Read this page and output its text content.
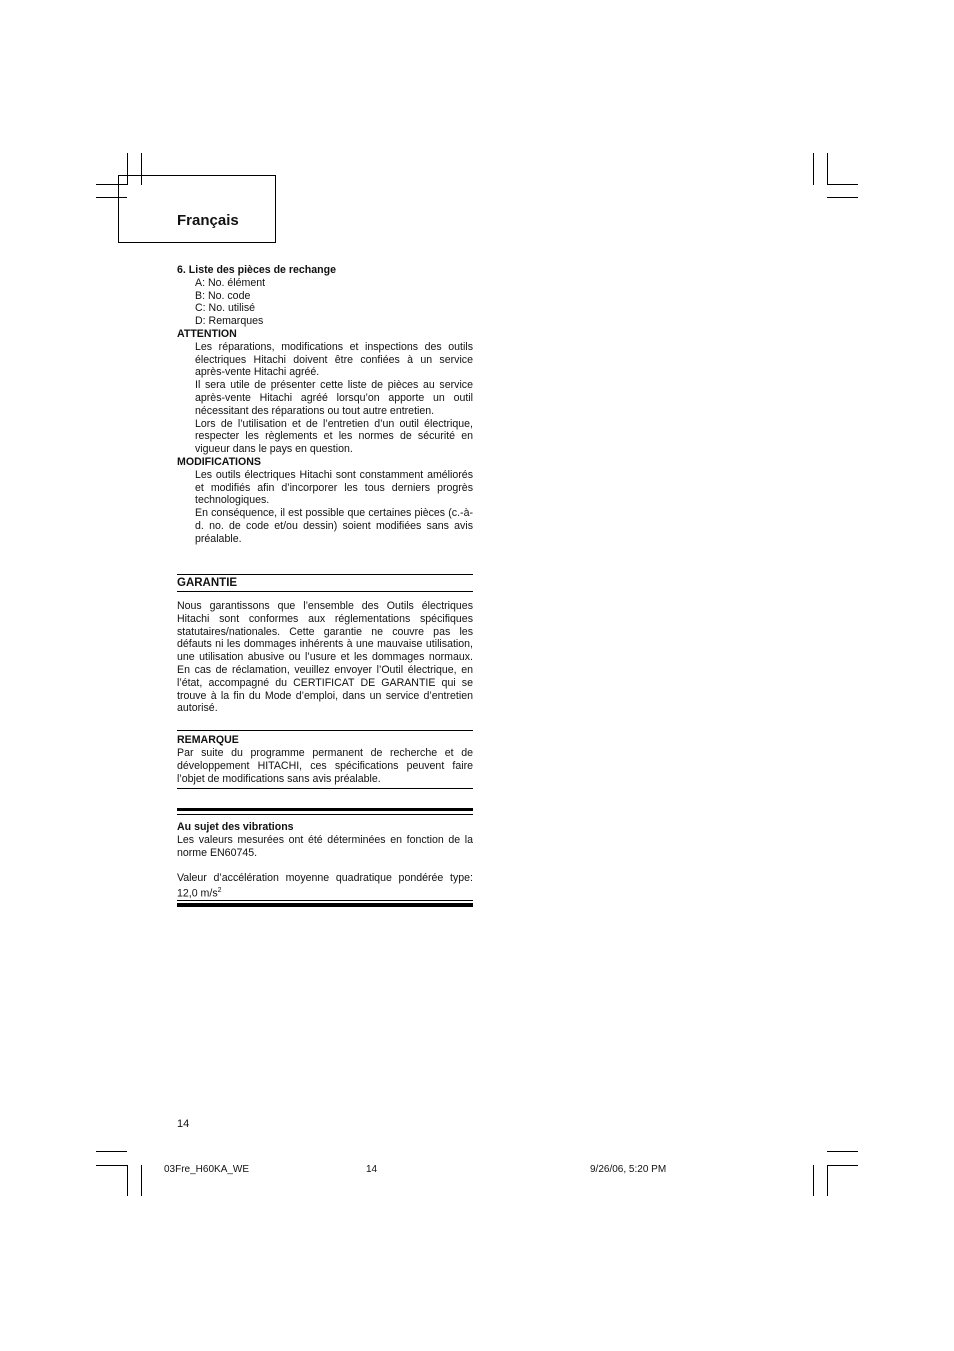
Français

6. Liste des pièces de rechange

A: No. élément

B: No. code

C: No. utilisé

D: Remarques

ATTENTION

Les réparations, modifications et inspections des outils électriques Hitachi doivent être confiées à un service après-vente Hitachi agréé.

Il sera utile de présenter cette liste de pièces au service après-vente Hitachi agréé lorsqu’on apporte un outil nécessitant des réparations ou tout autre entretien.

Lors de l’utilisation et de l’entretien d’un outil électrique, respecter les règlements et les normes de sécurité en vigueur dans le pays en question.

MODIFICATIONS

Les outils électriques Hitachi sont constamment améliorés et modifiés afin d’incorporer les tous derniers progrès technologiques.

En conséquence, il est possible que certaines pièces (c.-à-d. no. de code et/ou dessin) soient modifiées sans avis préalable.

GARANTIE
Nous garantissons que l’ensemble des Outils électriques Hitachi sont conformes aux réglementations spécifiques statutaires/nationales. Cette garantie ne couvre pas les défauts ni les dommages inhérents à une mauvaise utilisation, une utilisation abusive ou l’usure et les dommages normaux. En cas de réclamation, veuillez envoyer l’Outil électrique, en l’état, accompagné du CERTIFICAT DE GARANTIE qui se trouve à la fin du Mode d’emploi, dans un service d’entretien autorisé.
REMARQUE
Par suite du programme permanent de recherche et de développement HITACHI, ces spécifications peuvent faire l’objet de modifications sans avis préalable.

Au sujet des vibrations

Les valeurs mesurées ont été déterminées en fonction de la norme EN60745.

Valeur d’accélération moyenne quadratique pondérée type: 12,0 $m/s^2$

14
03Fre_H60KA_WE	14	9/26/06, 5:20 PM
